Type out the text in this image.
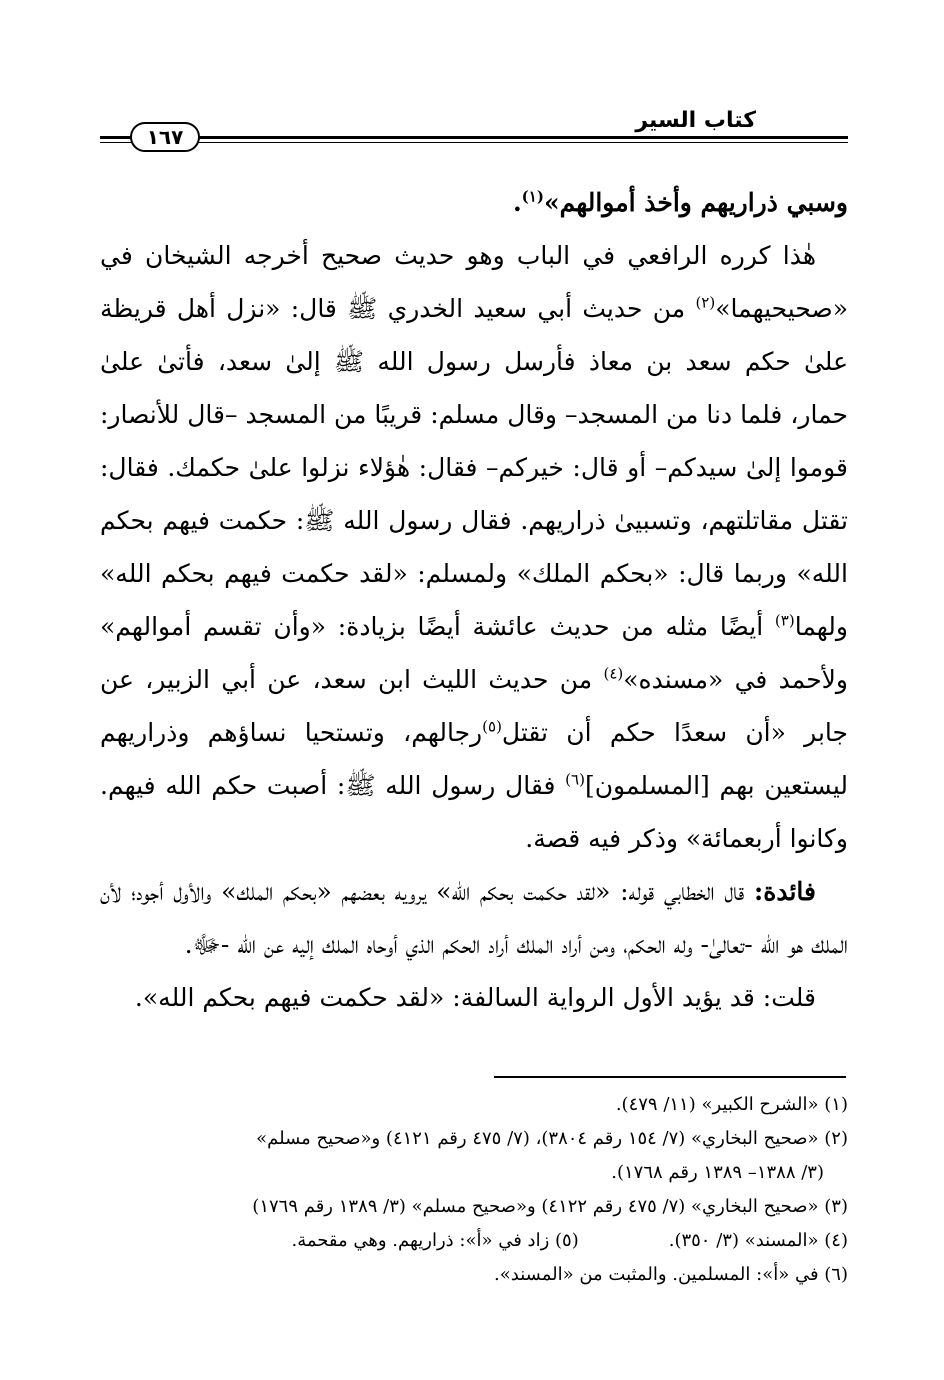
١٦٧
كتاب السير

وسبي ذراريهم وأخذ أموالهم»$^{(١)}$.

هٰذا كرره الرافعي في الباب وهو حديث صحيح أخرجه الشيخان في «صحيحيهما»$^{(٢)}$ من حديث أبي سعيد الخدري ﷺ قال: «نزل أهل قريظة علىٰ حكم سعد بن معاذ فأرسل رسول الله ﷺ إلىٰ سعد، فأتىٰ علىٰ حمار، فلما دنا من المسجد– وقال مسلم: قريبًا من المسجد –قال للأنصار: قوموا إلىٰ سيدكم– أو قال: خيركم– فقال: هٰؤلاء نزلوا علىٰ حكمك. فقال: تقتل مقاتلتهم، وتسبيىٰ ذراريهم. فقال رسول الله ﷺ: حكمت فيهم بحكم الله» وربما قال: «بحكم الملك» ولمسلم: «لقد حكمت فيهم بحكم الله» ولهما$^{(٣)}$ أيضًا مثله من حديث عائشة أيضًا بزيادة: «وأن تقسم أموالهم» ولأحمد في «مسنده»$^{(٤)}$ من حديث الليث ابن سعد، عن أبي الزبير، عن جابر «أن سعدًا حكم أن تقتل$^{(٥)}$رجالهم، وتستحيا نساؤهم وذراريهم ليستعين بهم [المسلمون]$^{(٦)}$ فقال رسول الله ﷺ: أصبت حكم الله فيهم. وكانوا أربعمائة» وذكر فيه قصة.

فائدة: قال الخطابي قوله: «لقد حكمت بحكم الله» يرويه بعضهم «بحكم الملك» والأول أجود؛ لأن الملك هو الله -تعالىٰ- وله الحكم، ومن أراد الملك أراد الحكم الذي أوحاه الملك إليه عن الله -ﷻ.

قلت: قد يؤيد الأول الرواية السالفة: «لقد حكمت فيهم بحكم الله».

(١) «الشرح الكبير» (١١/ ٤٧٩).

(٢) «صحيح البخاري» (٧/ ١٥٤ رقم ٣٨٠٤)، (٧/ ٤٧٥ رقم ٤١٢١) و«صحيح مسلم»

(٣/ ١٣٨٨– ١٣٨٩ رقم ١٧٦٨).

(٣) «صحيح البخاري» (٧/ ٤٧٥ رقم ٤١٢٢) و«صحيح مسلم» (٣/ ١٣٨٩ رقم ١٧٦٩)

(٤) «المسند» (٣/ ٣٥٠).
(٥) زاد في «أ»: ذراريهم. وهي مقحمة.

(٦) في «أ»: المسلمين. والمثبت من «المسند».
